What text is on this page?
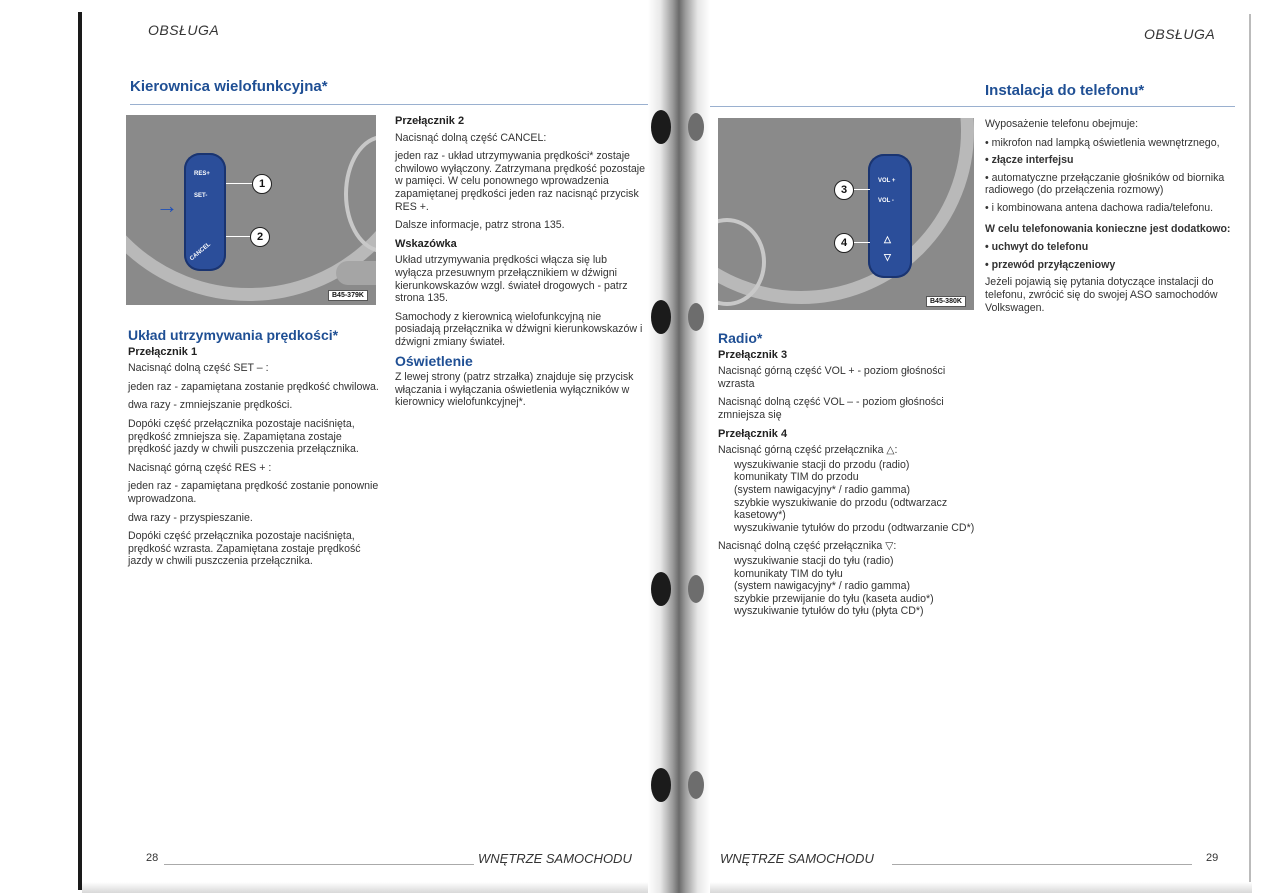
OBSŁUGA
Kierownica wielofunkcyjna*
RES+
SET-
CANCEL
→
1
2
B45-379K
Układ utrzymywania prędkości*
Przełącznik 1

Nacisnąć dolną część SET – :

jeden raz - zapamiętana zostanie prędkość chwilowa.

dwa razy - zmniejszanie prędkości.

Dopóki część przełącznika pozostaje naciśnięta, prędkość zmniejsza się. Zapamiętana zostaje prędkość jazdy w chwili puszczenia przełącznika.

Nacisnąć górną część RES + :

jeden raz - zapamiętana prędkość zostanie ponownie wprowadzona.

dwa razy - przyspieszanie.

Dopóki część przełącznika pozostaje naciśnięta, prędkość wzrasta. Zapamiętana zostaje prędkość jazdy w chwili puszczenia przełącznika.

Przełącznik 2

Nacisnąć dolną część CANCEL:

jeden raz - układ utrzymywania prędkości* zostaje chwilowo wyłączony. Zatrzymana prędkość pozostaje w pamięci. W celu ponownego wprowadzenia zapamiętanej prędkości jeden raz nacisnąć przycisk RES +.

Dalsze informacje, patrz strona 135.

Wskazówka

Układ utrzymywania prędkości włącza się lub wyłącza przesuwnym przełącznikiem w dźwigni kierunkowskazów wzgl. świateł drogowych - patrz strona 135.

Samochody z kierownicą wielofunkcyjną nie posiadają przełącznika w dźwigni kierunkowskazów i dźwigni zmiany świateł.

Oświetlenie

Z lewej strony (patrz strzałka) znajduje się przycisk włączania i wyłączania oświetlenia wyłączników w kierownicy wielofunkcyjnej*.

28	WNĘTRZE SAMOCHODU
OBSŁUGA
Instalacja do telefonu*
VOL +
VOL -
△
▽
3
4
B45-380K
Radio*
Przełącznik 3

Nacisnąć górną część VOL + - poziom głośności wzrasta

Nacisnąć dolną część VOL – - poziom głośności zmniejsza się

Przełącznik 4

Nacisnąć górną część przełącznika △:

wyszukiwanie stacji do przodu (radio)
komunikaty TIM do przodu
(system nawigacyjny* / radio gamma)
szybkie wyszukiwanie do przodu (odtwarzacz kasetowy*)
wyszukiwanie tytułów do przodu (odtwarzanie CD*)

Nacisnąć dolną część przełącznika ▽:

wyszukiwanie stacji do tyłu (radio)
komunikaty TIM do tyłu
(system nawigacyjny* / radio gamma)
szybkie przewijanie do tyłu (kaseta audio*)
wyszukiwanie tytułów do tyłu (płyta CD*)

Wyposażenie telefonu obejmuje:

• mikrofon nad lampką oświetlenia wewnętrznego,
• złącze interfejsu
• automatyczne przełączanie głośników od biornika radiowego (do przełączenia rozmowy)
• i kombinowana antena dachowa radia/telefonu.

W celu telefonowania konieczne jest dodatkowo:

• uchwyt do telefonu
• przewód przyłączeniowy

Jeżeli pojawią się pytania dotyczące instalacji do telefonu, zwrócić się do swojej ASO samochodów Volkswagen.

WNĘTRZE SAMOCHODU	29
